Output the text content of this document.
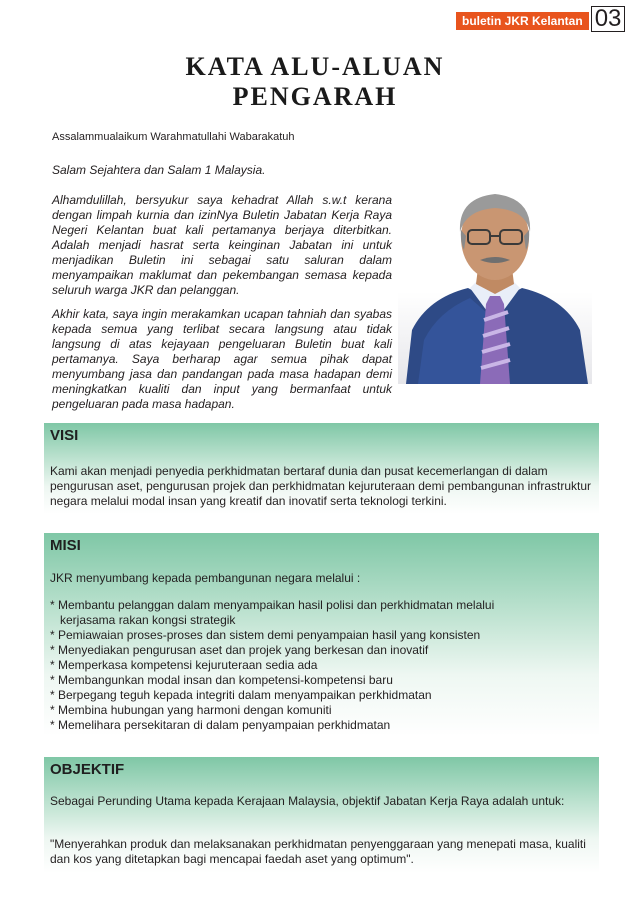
buletin JKR Kelantan 03
KATA ALU-ALUAN
PENGARAH
Assalammualaikum Warahmatullahi Wabarakatuh
Salam Sejahtera dan Salam 1 Malaysia.
Alhamdulillah, bersyukur saya kehadrat Allah s.w.t kerana dengan limpah kurnia dan izinNya Buletin Jabatan Kerja Raya Negeri Kelantan buat kali pertamanya berjaya diterbitkan. Adalah menjadi hasrat serta keinginan Jabatan ini untuk menjadikan Buletin ini sebagai satu saluran dalam menyampaikan maklumat dan pekembangan semasa kepada seluruh warga JKR dan pelanggan.
Akhir kata, saya ingin merakamkan ucapan tahniah dan syabas kepada semua yang terlibat secara langsung atau tidak langsung di atas kejayaan pengeluaran Buletin buat kali pertamanya. Saya berharap agar semua pihak dapat menyumbang jasa dan pandangan pada masa hadapan demi meningkatkan kualiti dan input yang bermanfaat untuk pengeluaran pada masa hadapan.
VISI
Kami akan menjadi penyedia perkhidmatan bertaraf dunia dan pusat kecemerlangan di dalam pengurusan aset, pengurusan projek dan perkhidmatan kejuruteraan demi pembangunan infrastruktur negara melalui modal insan yang kreatif dan inovatif serta teknologi terkini.
MISI
JKR menyumbang kepada pembangunan negara melalui :
* Membantu pelanggan dalam menyampaikan hasil polisi dan perkhidmatan melalui
kerjasama rakan kongsi strategik
* Pemiawaian proses-proses dan sistem demi penyampaian hasil yang konsisten
* Menyediakan pengurusan aset dan projek yang berkesan dan inovatif
* Memperkasa kompetensi kejuruteraan sedia ada
* Membangunkan modal insan dan kompetensi-kompetensi baru
* Berpegang teguh kepada integriti dalam menyampaikan perkhidmatan
* Membina hubungan yang harmoni dengan komuniti
* Memelihara persekitaran di dalam penyampaian perkhidmatan
OBJEKTIF
Sebagai Perunding Utama kepada Kerajaan Malaysia, objektif Jabatan Kerja Raya adalah untuk:
"Menyerahkan produk dan melaksanakan perkhidmatan penyenggaraan yang menepati masa, kualiti dan kos yang ditetapkan bagi mencapai faedah aset yang optimum".
